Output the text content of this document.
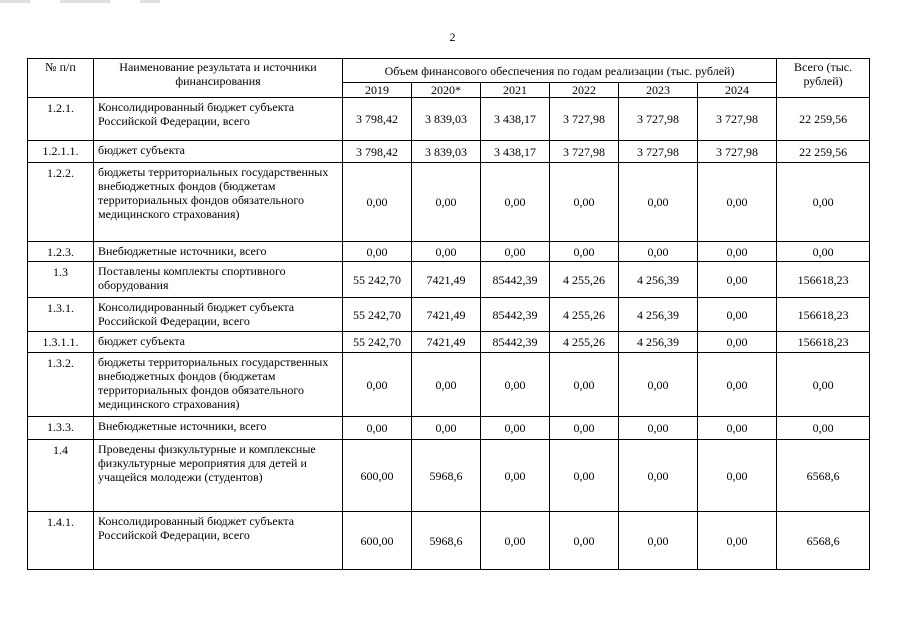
2
№ п/п	Наименование результата и источники финансирования	Объем финансового обеспечения по годам реализации (тыс. рублей)						Всего (тыс. рублей)
		2019	2020*	2021	2022	2023	2024	
1.2.1.	Консолидированный бюджет субъекта Российской Федерации, всего	3 798,42	3 839,03	3 438,17	3 727,98	3 727,98	3 727,98	22 259,56
1.2.1.1.	бюджет субъекта	3 798,42	3 839,03	3 438,17	3 727,98	3 727,98	3 727,98	22 259,56
1.2.2.	бюджеты территориальных государственных внебюджетных фондов (бюджетам территориальных фондов обязательного медицинского страхования)	0,00	0,00	0,00	0,00	0,00	0,00	0,00
1.2.3.	Внебюджетные источники, всего	0,00	0,00	0,00	0,00	0,00	0,00	0,00
1.3	Поставлены комплекты спортивного оборудования	55 242,70	7421,49	85442,39	4 255,26	4 256,39	0,00	156618,23
1.3.1.	Консолидированный бюджет субъекта Российской Федерации, всего	55 242,70	7421,49	85442,39	4 255,26	4 256,39	0,00	156618,23
1.3.1.1.	бюджет субъекта	55 242,70	7421,49	85442,39	4 255,26	4 256,39	0,00	156618,23
1.3.2.	бюджеты территориальных государственных внебюджетных фондов (бюджетам территориальных фондов обязательного медицинского страхования)	0,00	0,00	0,00	0,00	0,00	0,00	0,00
1.3.3.	Внебюджетные источники, всего	0,00	0,00	0,00	0,00	0,00	0,00	0,00
1.4	Проведены физкультурные и комплексные физкультурные мероприятия для детей и учащейся молодежи (студентов)	600,00	5968,6	0,00	0,00	0,00	0,00	6568,6
1.4.1.	Консолидированный бюджет субъекта Российской Федерации, всего	600,00	5968,6	0,00	0,00	0,00	0,00	6568,6
